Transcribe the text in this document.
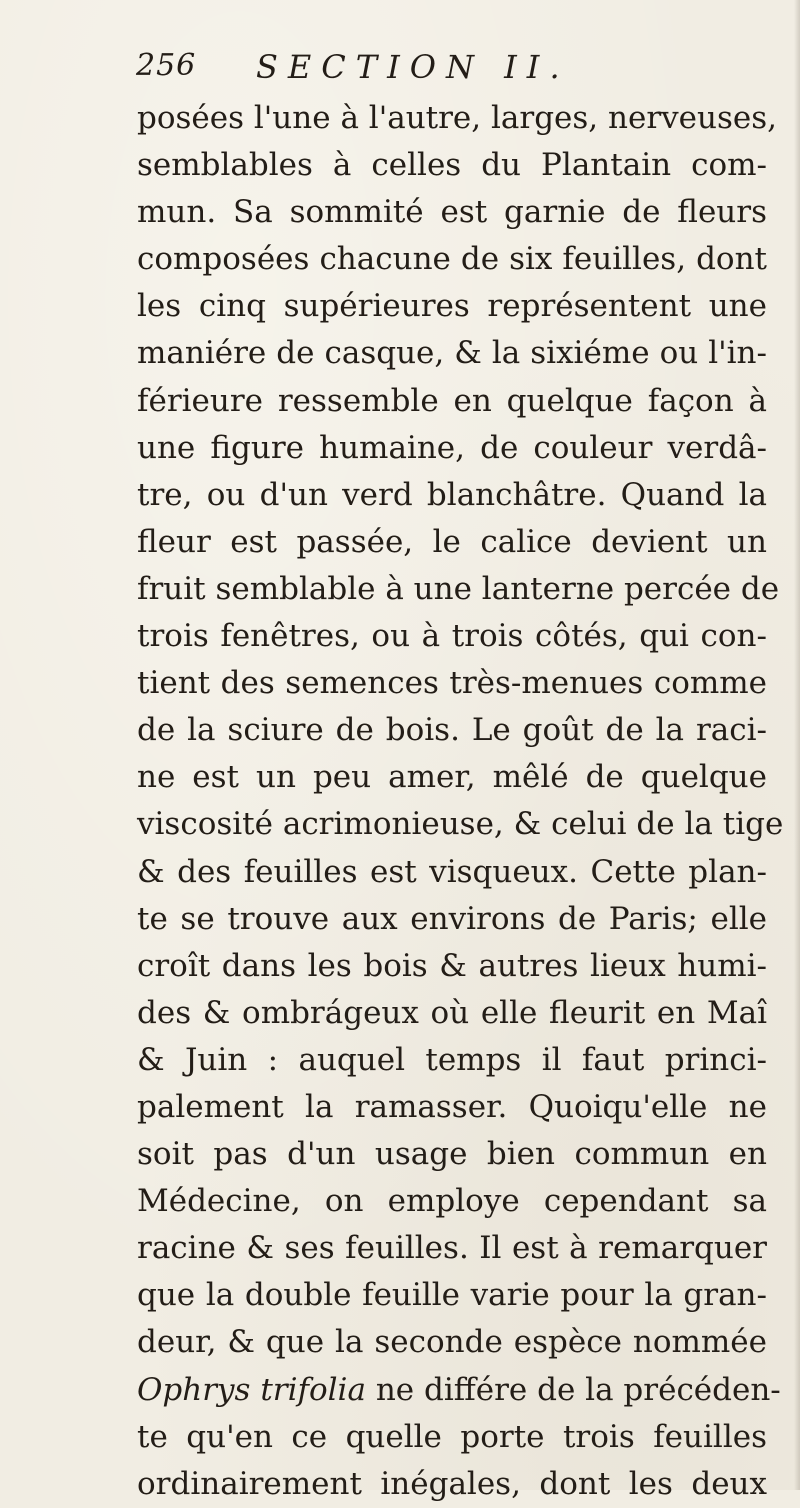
256 SECTION II.
posées l'une à l'autre, larges, nerveuses,
semblables à celles du Plantain com-
mun. Sa sommité est garnie de fleurs
composées chacune de six feuilles, dont
les cinq supérieures représentent une
maniére de casque, & la sixiéme ou l'in-
férieure ressemble en quelque façon à
une figure humaine, de couleur verdâ-
tre, ou d'un verd blanchâtre. Quand la
fleur est passée, le calice devient un
fruit semblable à une lanterne percée de
trois fenêtres, ou à trois côtés, qui con-
tient des semences très-menues comme
de la sciure de bois. Le goût de la raci-
ne est un peu amer, mêlé de quelque
viscosité acrimonieuse, & celui de la tige
& des feuilles est visqueux. Cette plan-
te se trouve aux environs de Paris; elle
croît dans les bois & autres lieux humi-
des & ombrágeux où elle fleurit en Maî
& Juin : auquel temps il faut princi-
palement la ramasser. Quoiqu'elle ne
soit pas d'un usage bien commun en
Médecine, on employe cependant sa
racine & ses feuilles. Il est à remarquer
que la double feuille varie pour la gran-
deur, & que la seconde espèce nommée
Ophrys trifolia ne différe de la précéden-
te qu'en ce quelle porte trois feuilles
ordinairement inégales, dont les deux
